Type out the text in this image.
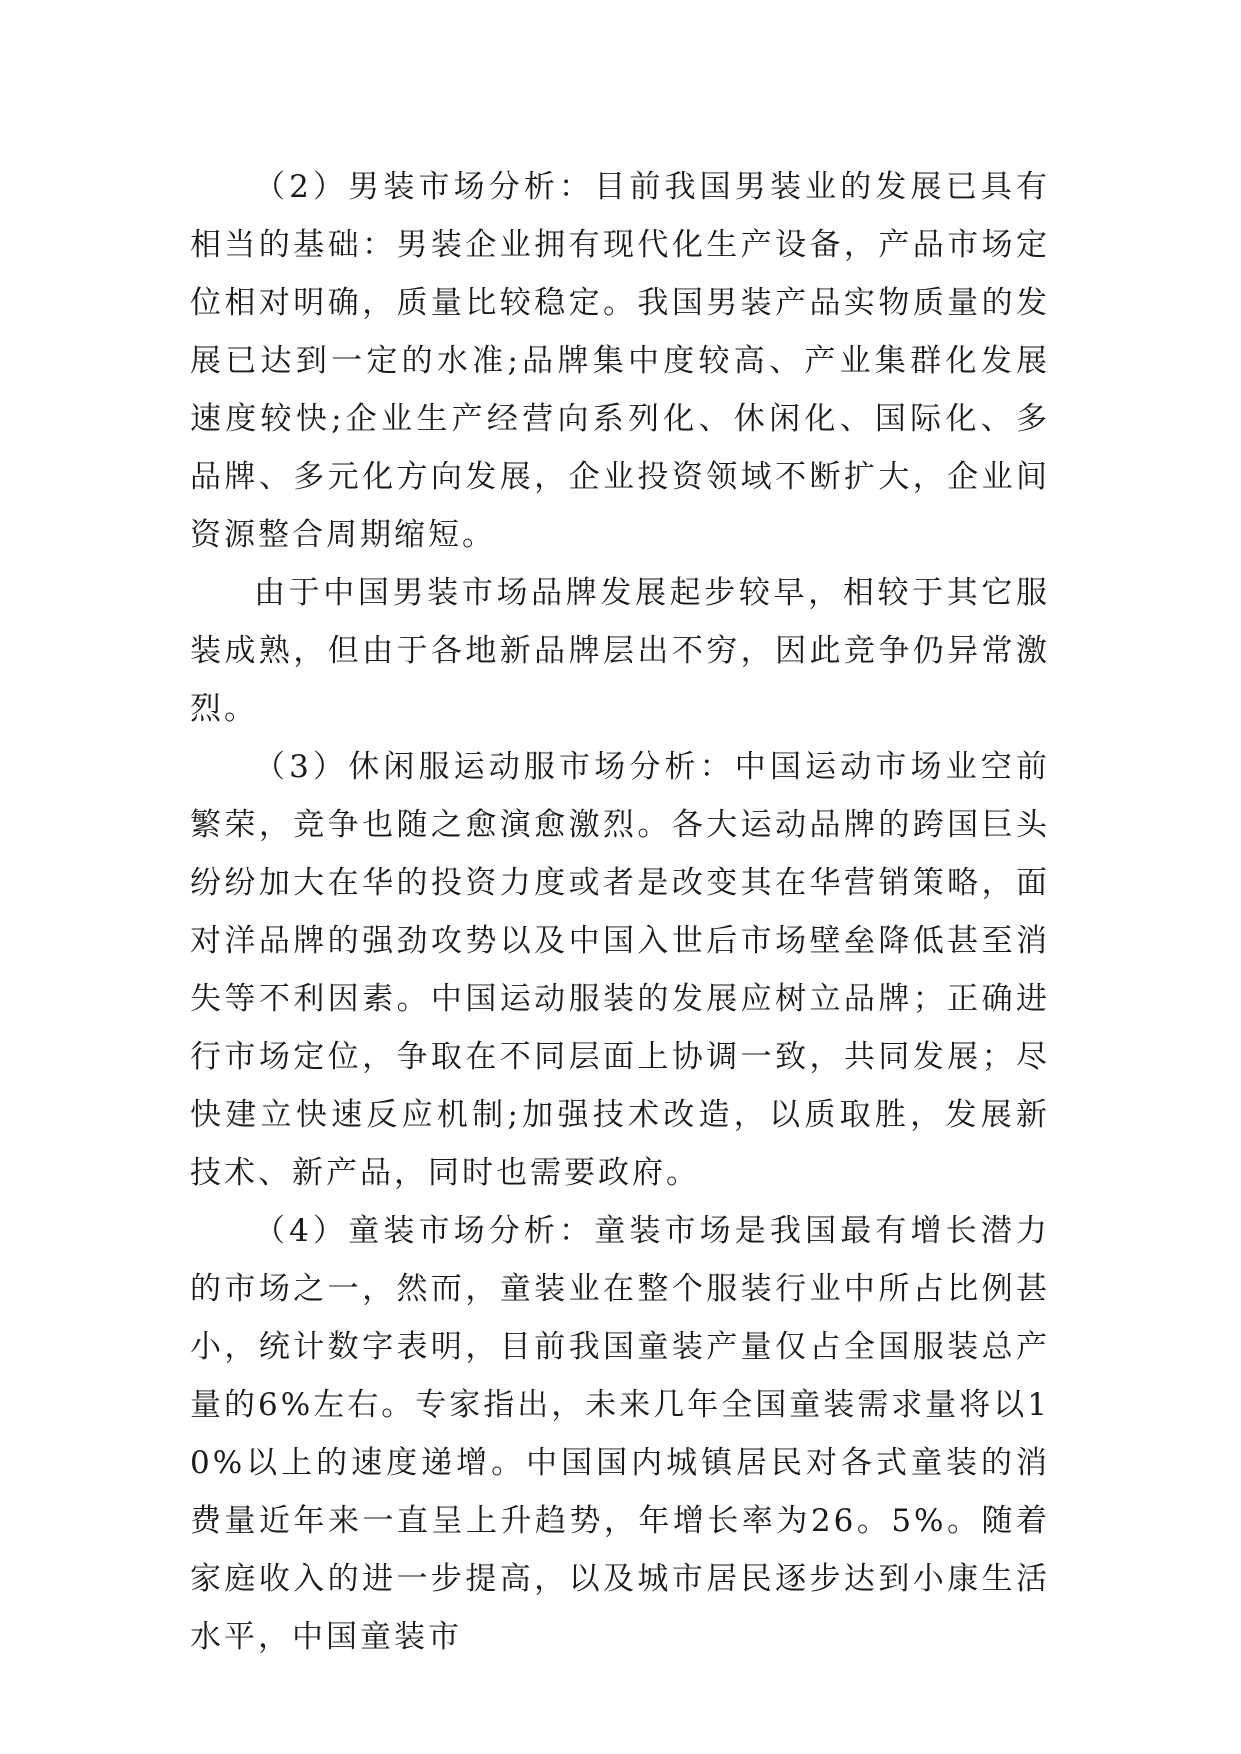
（2）男装市场分析：目前我国男装业的发展已具有相当的基础：男装企业拥有现代化生产设备，产品市场定位相对明确，质量比较稳定。我国男装产品实物质量的发展已达到一定的水准;品牌集中度较高、产业集群化发展速度较快;企业生产经营向系列化、休闲化、国际化、多品牌、多元化方向发展，企业投资领域不断扩大，企业间资源整合周期缩短。

由于中国男装市场品牌发展起步较早，相较于其它服装成熟，但由于各地新品牌层出不穷，因此竞争仍异常激烈。

（3）休闲服运动服市场分析：中国运动市场业空前繁荣，竞争也随之愈演愈激烈。各大运动品牌的跨国巨头纷纷加大在华的投资力度或者是改变其在华营销策略，面对洋品牌的强劲攻势以及中国入世后市场壁垒降低甚至消失等不利因素。中国运动服装的发展应树立品牌；正确进行市场定位，争取在不同层面上协调一致，共同发展；尽快建立快速反应机制;加强技术改造，以质取胜，发展新技术、新产品，同时也需要政府。

（4）童装市场分析：童装市场是我国最有增长潜力的市场之一，然而，童装业在整个服装行业中所占比例甚小，统计数字表明，目前我国童装产量仅占全国服装总产量的6%左右。专家指出，未来几年全国童装需求量将以10%以上的速度递增。中国国内城镇居民对各式童装的消费量近年来一直呈上升趋势，年增长率为26。5%。随着家庭收入的进一步提高，以及城市居民逐步达到小康生活水平，中国童装市
